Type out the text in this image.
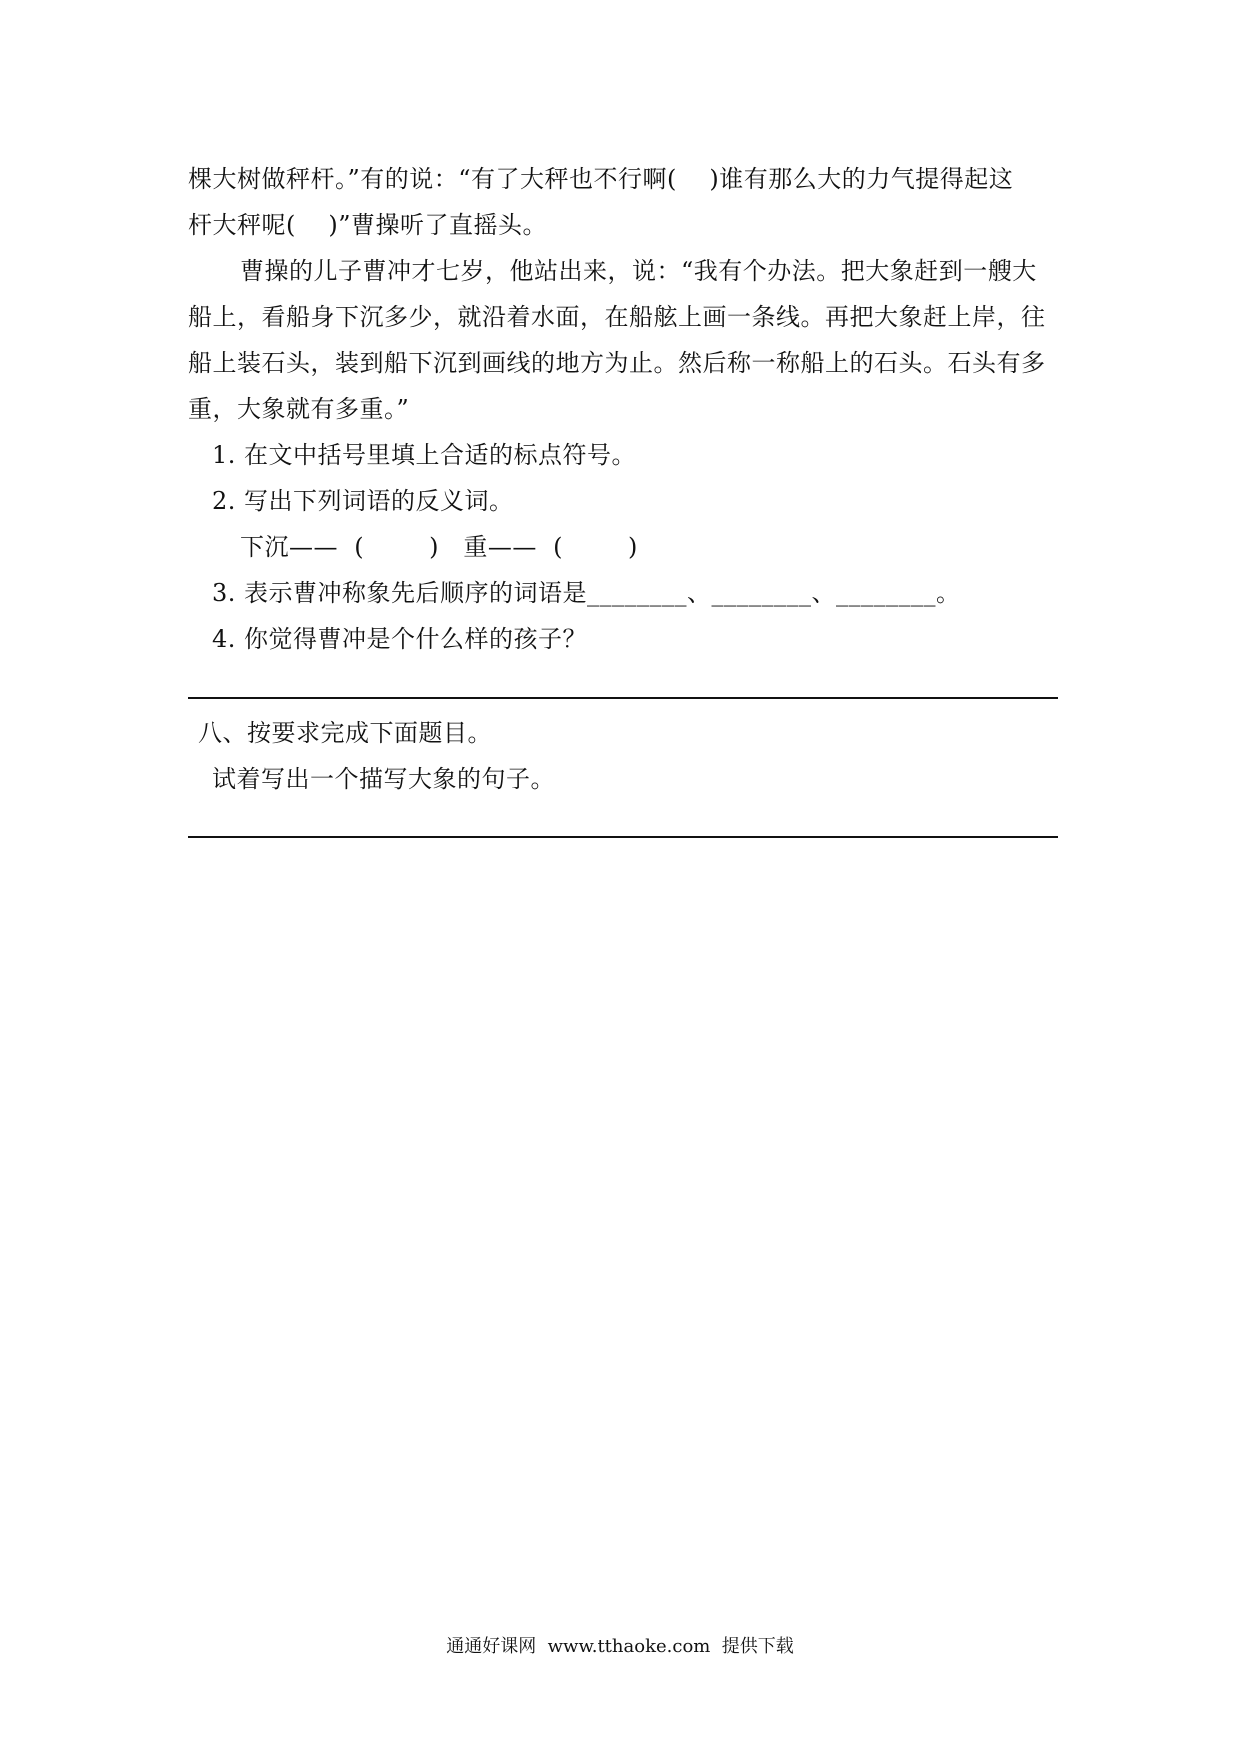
棵大树做秤杆。”有的说：“有了大秤也不行啊(    )谁有那么大的力气提得起这
杆大秤呢(    )”曹操听了直摇头。
曹操的儿子曹冲才七岁，他站出来，说：“我有个办法。把大象赶到一艘大
船上，看船身下沉多少，就沿着水面，在船舷上画一条线。再把大象赶上岸，往
船上装石头，装到船下沉到画线的地方为止。然后称一称船上的石头。石头有多
重，大象就有多重。”
1. 在文中括号里填上合适的标点符号。
2. 写出下列词语的反义词。
下沉——  (        )   重——  (        )
3. 表示曹冲称象先后顺序的词语是________、________、________。
4. 你觉得曹冲是个什么样的孩子？
八、按要求完成下面题目。
试着写出一个描写大象的句子。
通通好课网  www.tthaoke.com  提供下载
